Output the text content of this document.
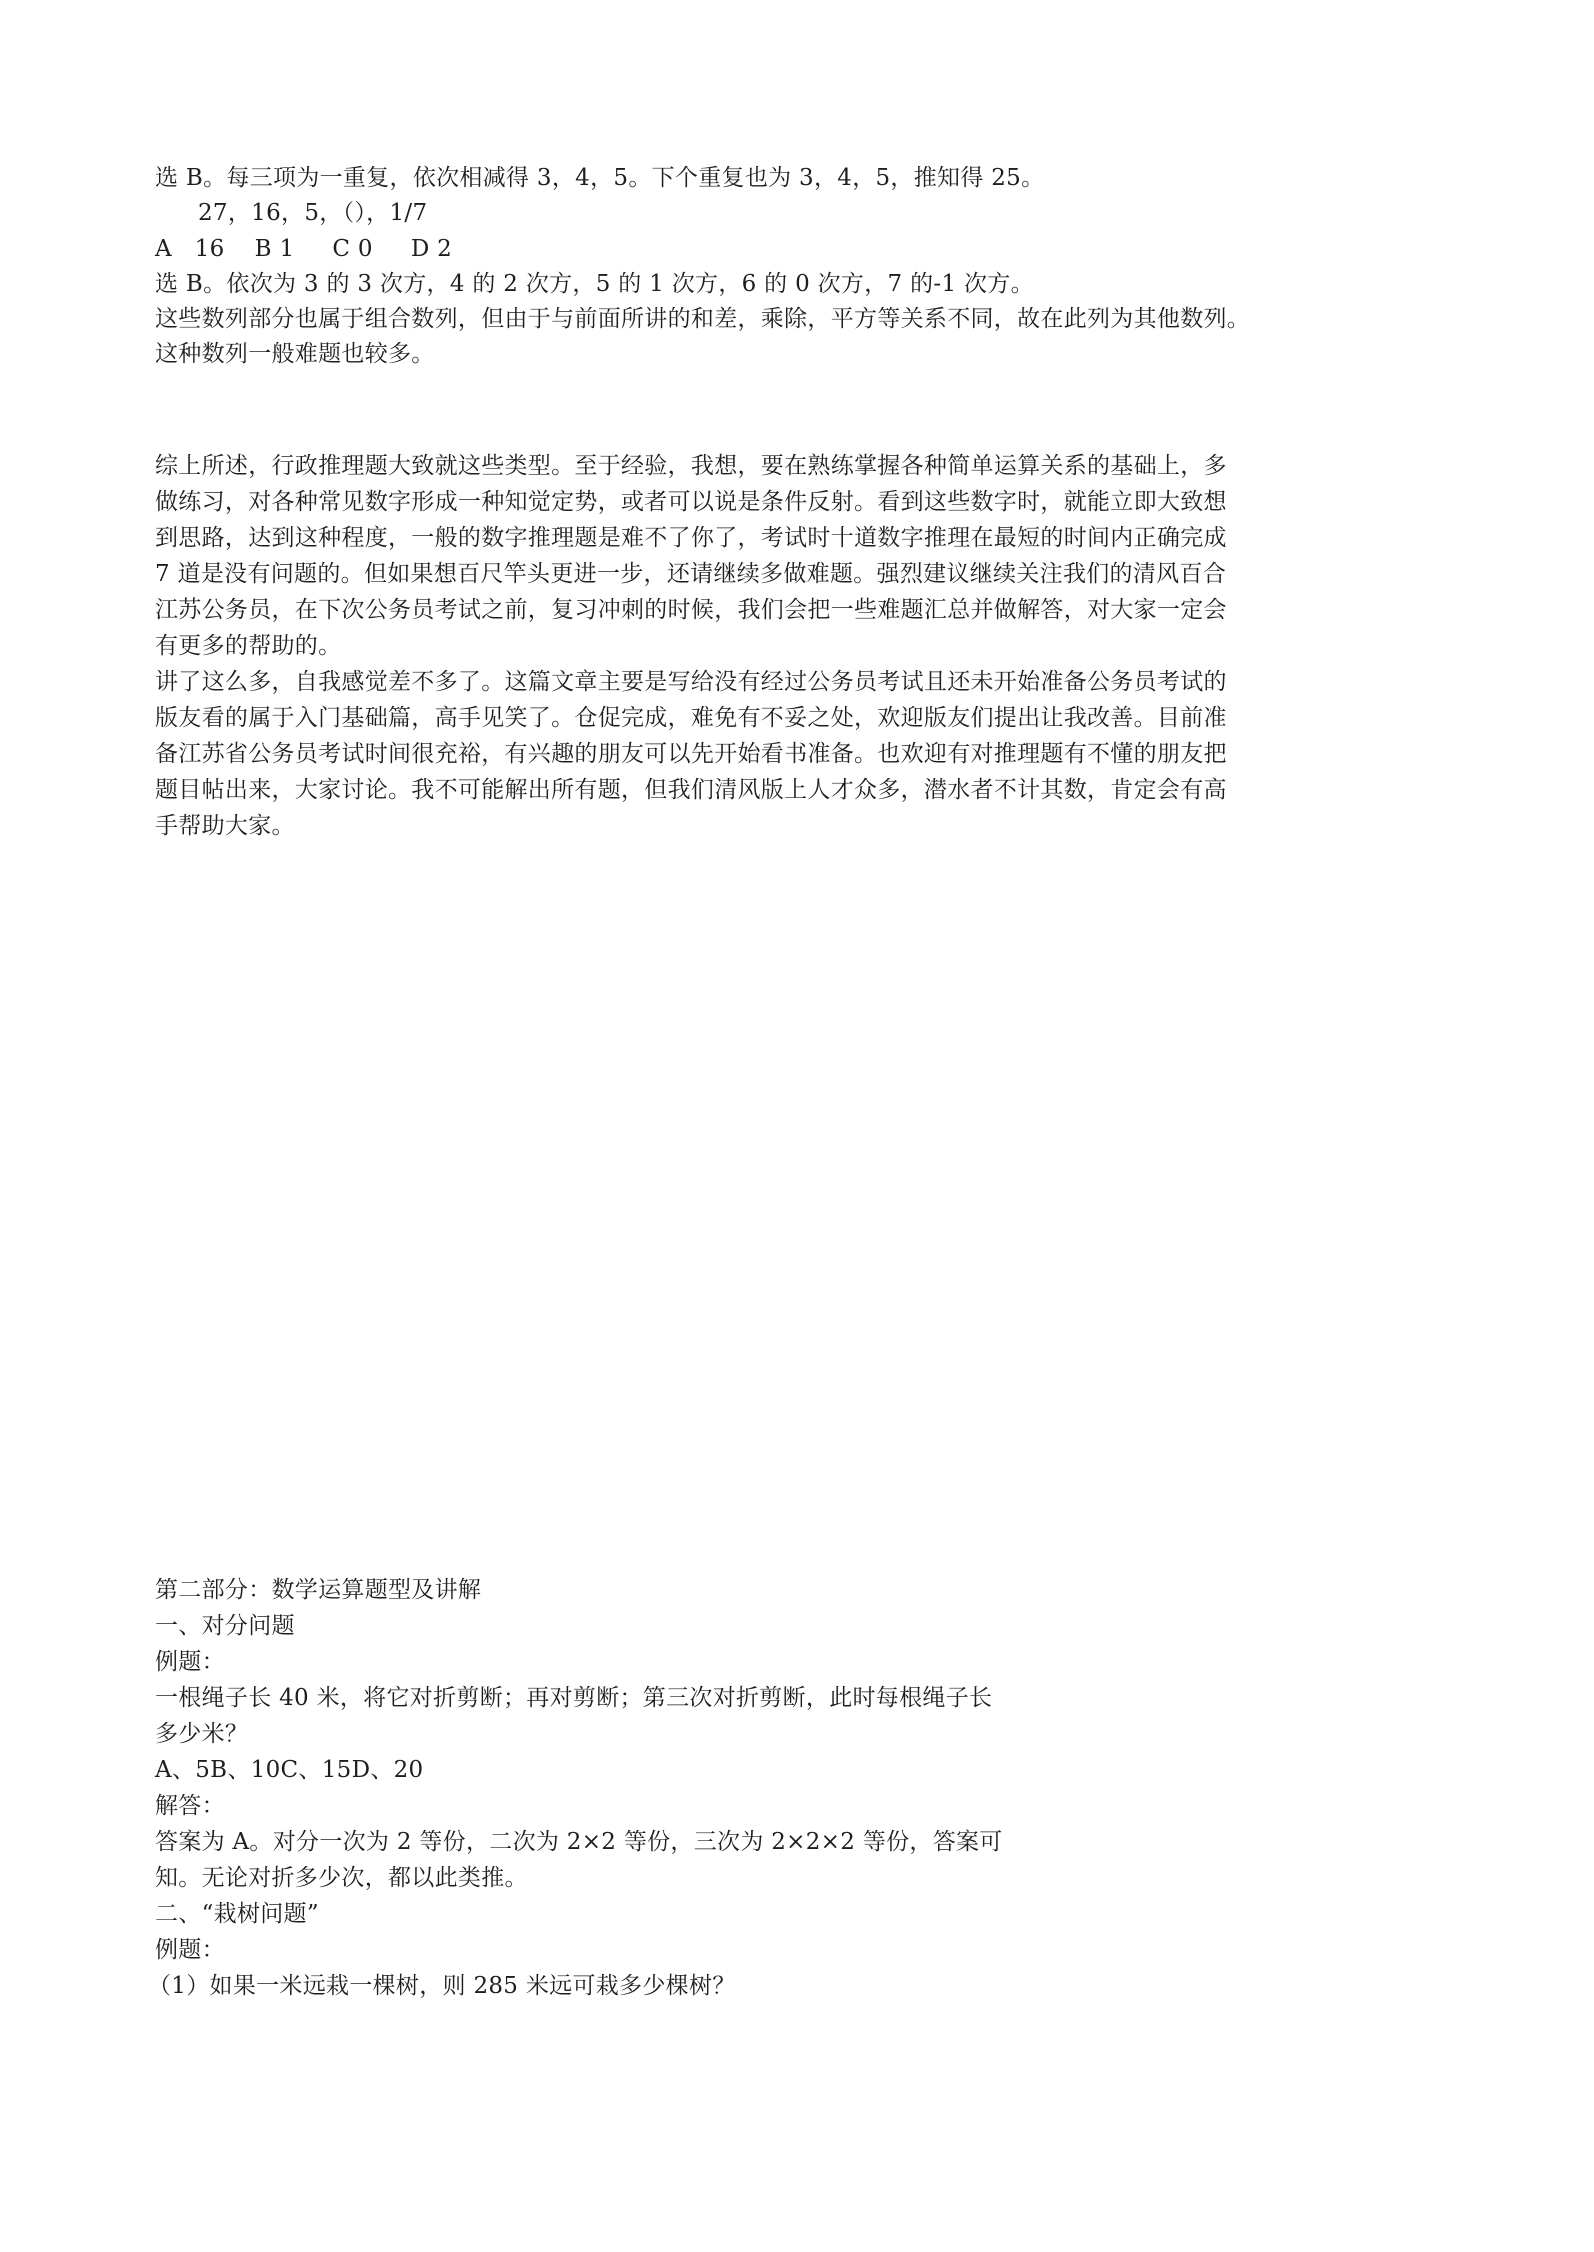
选 B。每三项为一重复，依次相减得 3，4，5。下个重复也为 3，4，5，推知得 25。
27，16，5，（），1/7
A   16 B 1 C 0 D 2
选 B。依次为 3 的 3 次方，4 的 2 次方，5 的 1 次方，6 的 0 次方，7 的-1 次方。
这些数列部分也属于组合数列，但由于与前面所讲的和差，乘除，平方等关系不同，故在此列为其他数列。
这种数列一般难题也较多。
综上所述，行政推理题大致就这些类型。至于经验，我想，要在熟练掌握各种简单运算关系的基础上，多
做练习，对各种常见数字形成一种知觉定势，或者可以说是条件反射。看到这些数字时，就能立即大致想
到思路，达到这种程度，一般的数字推理题是难不了你了，考试时十道数字推理在最短的时间内正确完成
7 道是没有问题的。但如果想百尺竿头更进一步，还请继续多做难题。强烈建议继续关注我们的清风百合
江苏公务员，在下次公务员考试之前，复习冲刺的时候，我们会把一些难题汇总并做解答，对大家一定会
有更多的帮助的。
讲了这么多，自我感觉差不多了。这篇文章主要是写给没有经过公务员考试且还未开始准备公务员考试的
版友看的属于入门基础篇，高手见笑了。仓促完成，难免有不妥之处，欢迎版友们提出让我改善。目前准
备江苏省公务员考试时间很充裕，有兴趣的朋友可以先开始看书准备。也欢迎有对推理题有不懂的朋友把
题目帖出来，大家讨论。我不可能解出所有题，但我们清风版上人才众多，潜水者不计其数，肯定会有高
手帮助大家。
第二部分：数学运算题型及讲解
一、对分问题
例题：
一根绳子长 40 米，将它对折剪断；再对剪断；第三次对折剪断，此时每根绳子长
多少米？
A、5B、10C、15D、20
解答：
答案为 A。对分一次为 2 等份，二次为 2×2 等份，三次为 2×2×2 等份，答案可
知。无论对折多少次，都以此类推。
二、“栽树问题”
例题：
（1）如果一米远栽一棵树，则 285 米远可栽多少棵树？
